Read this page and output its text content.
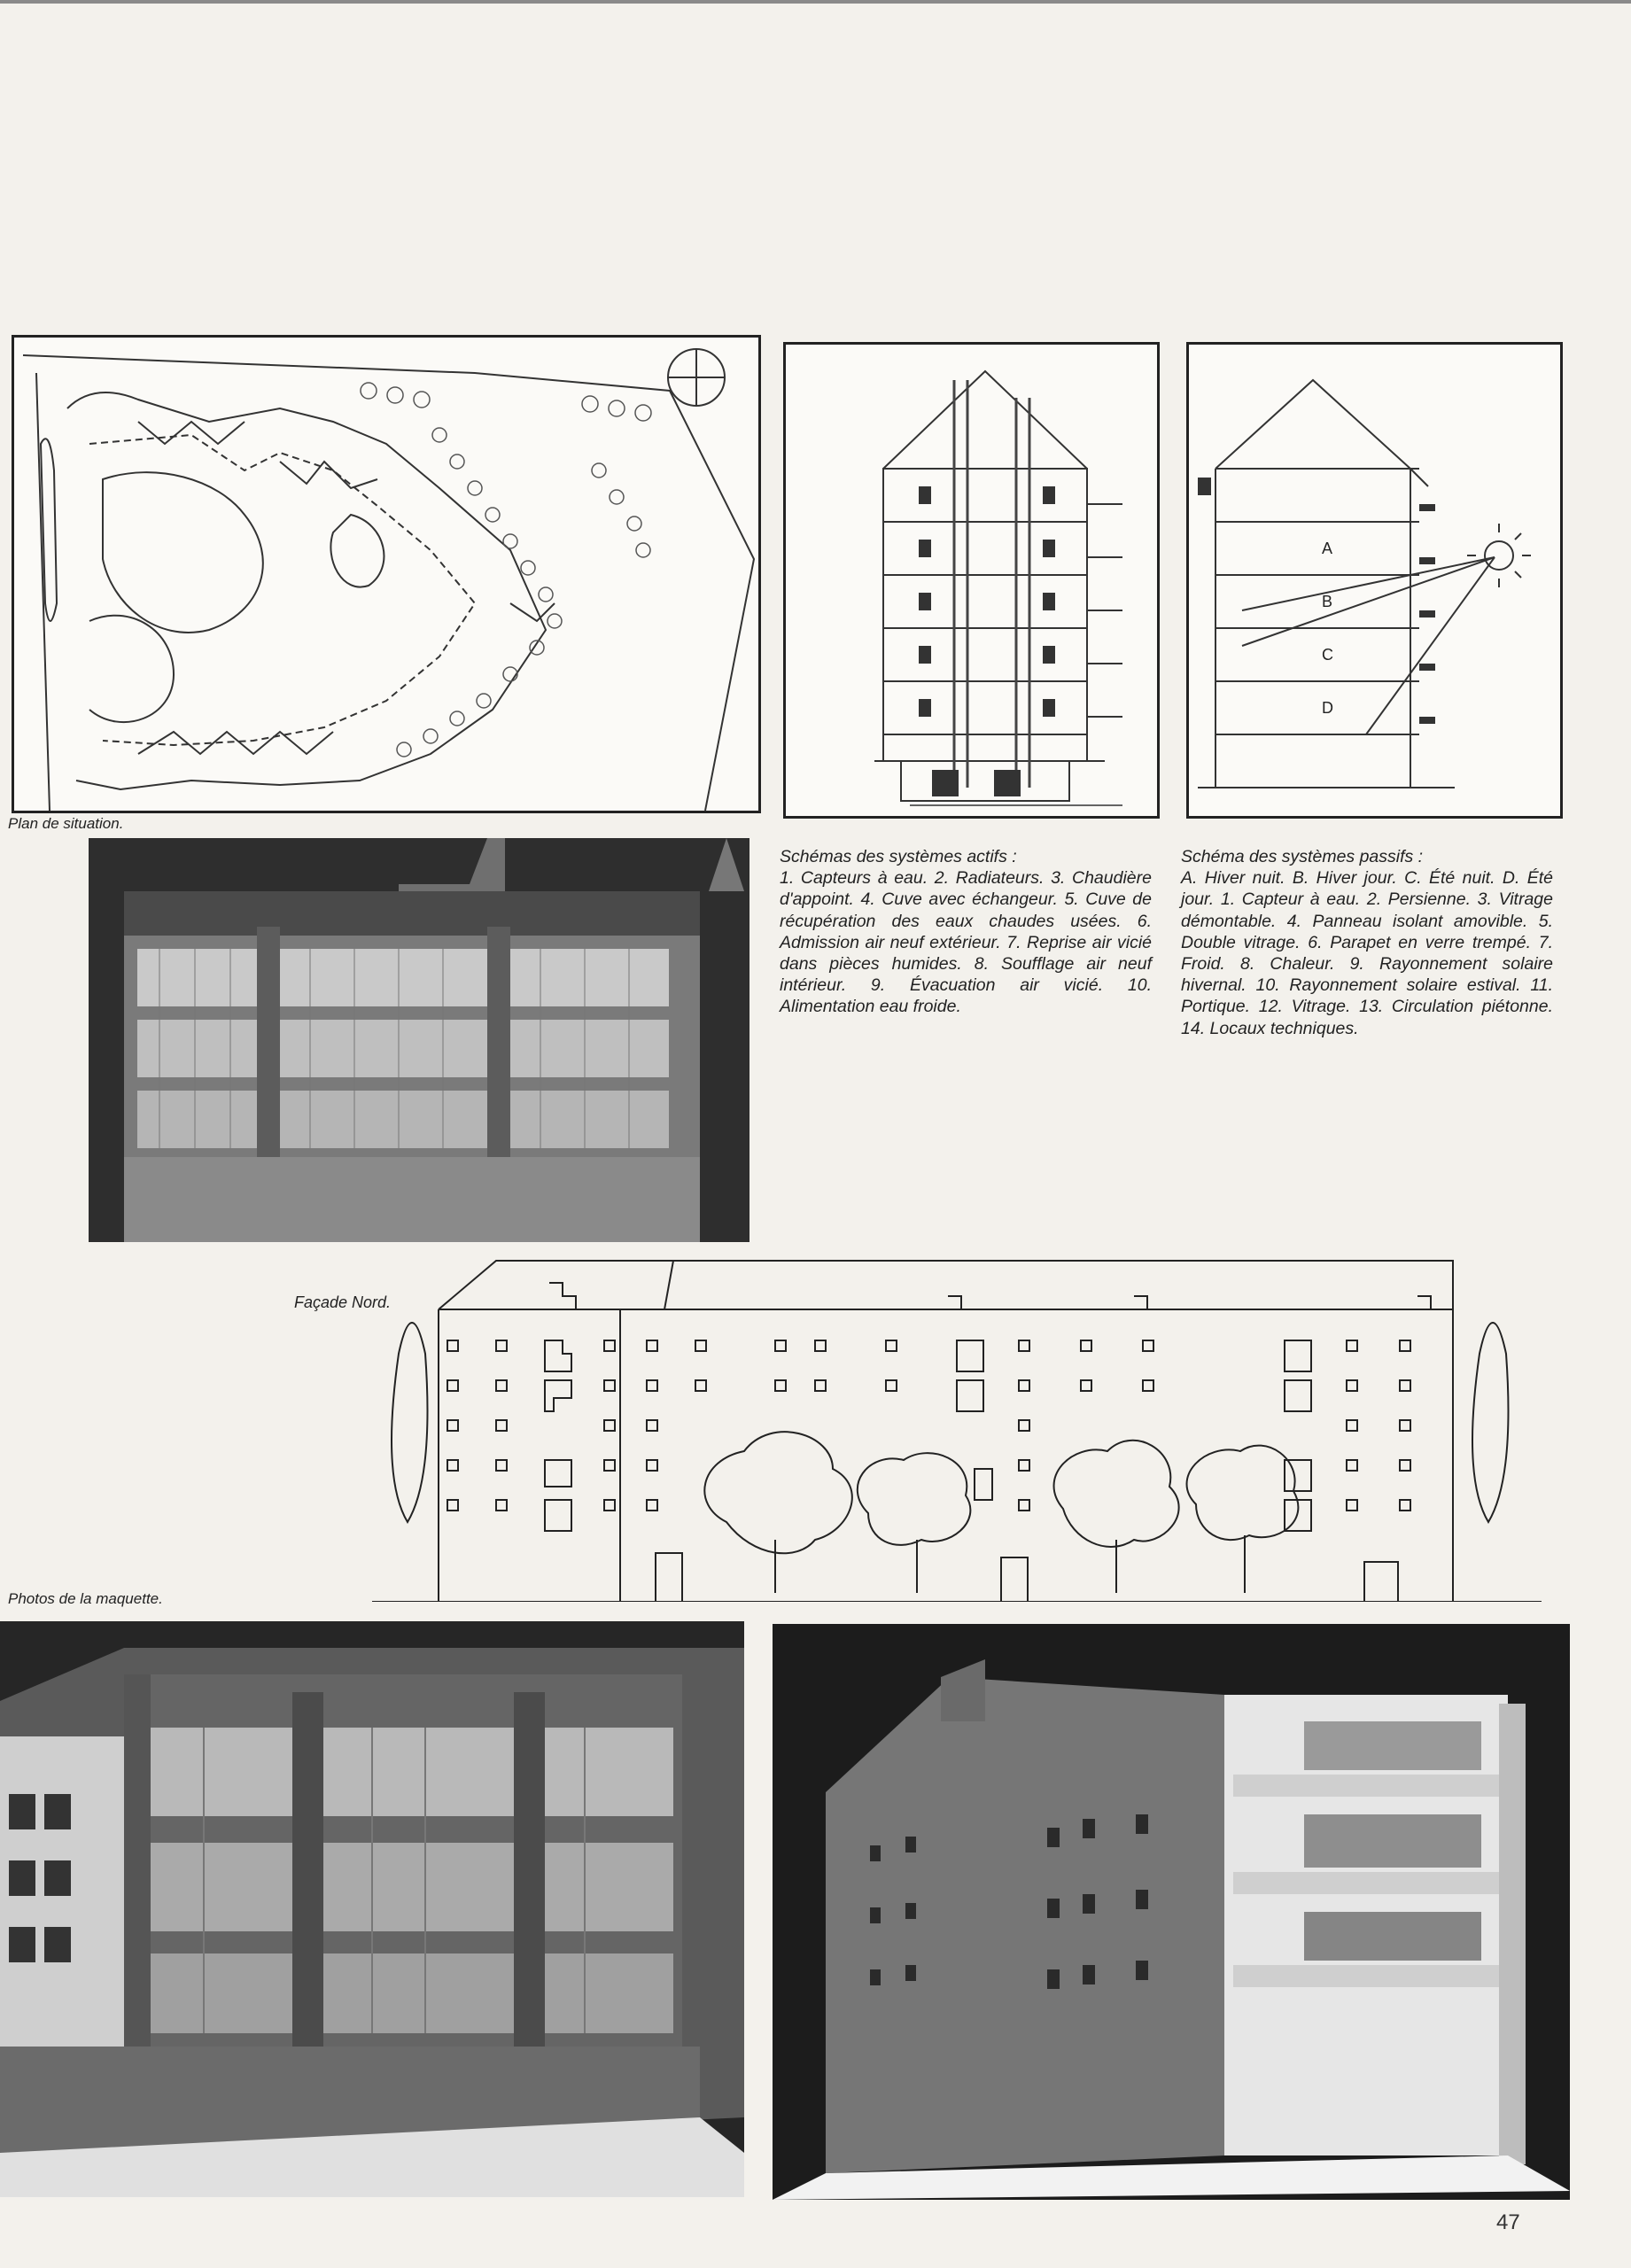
Plan de situation.
A
B
C
D
Schémas des systèmes actifs :
1. Capteurs à eau. 2. Radiateurs. 3. Chaudière d'appoint. 4. Cuve avec échangeur. 5. Cuve de récupération des eaux chaudes usées. 6. Admission air neuf extérieur. 7. Reprise air vicié dans pièces humides. 8. Soufflage air neuf intérieur. 9. Évacuation air vicié. 10. Alimentation eau froide.
Schéma des systèmes passifs :
A. Hiver nuit. B. Hiver jour. C. Été nuit. D. Été jour. 1. Capteur à eau. 2. Persienne. 3. Vitrage démontable. 4. Panneau isolant amovible. 5. Double vitrage. 6. Parapet en verre trempé. 7. Froid. 8. Chaleur. 9. Rayonnement solaire hivernal. 10. Rayonnement solaire estival. 11. Portique. 12. Vitrage. 13. Circulation piétonne. 14. Locaux techniques.
Façade Nord.
Photos de la maquette.
47
